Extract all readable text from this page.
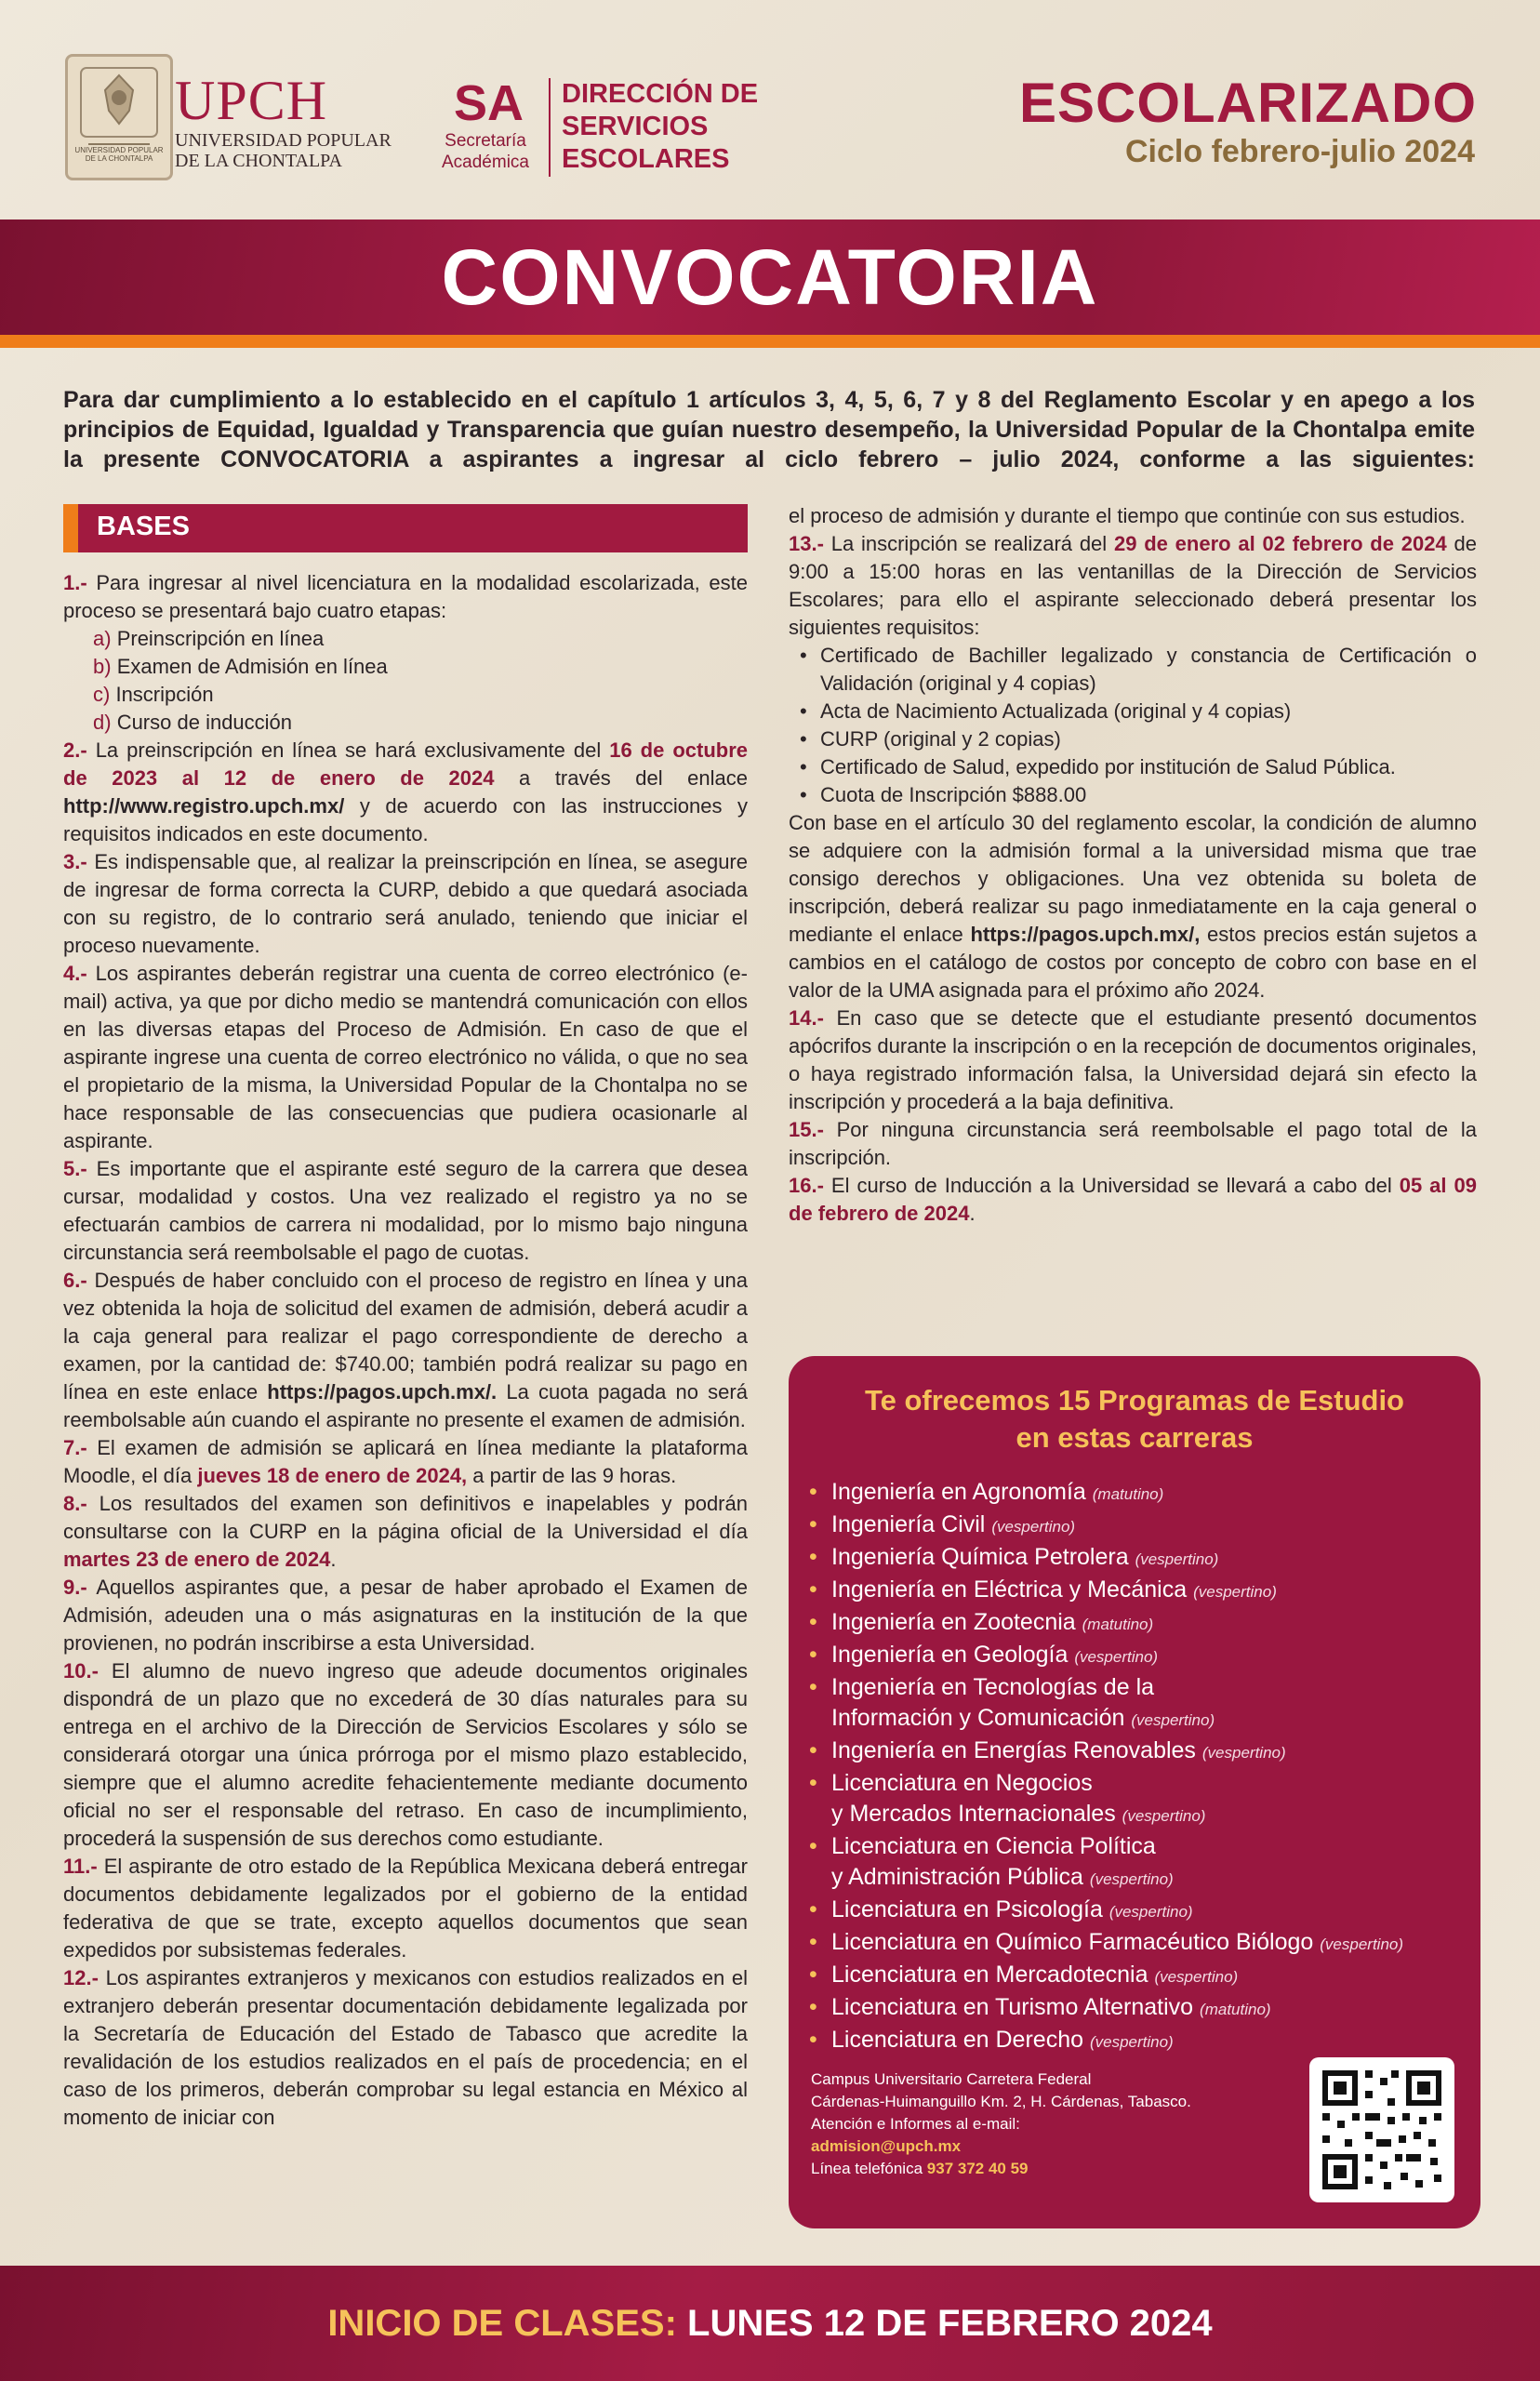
UNIVERSIDAD POPULAR DE LA CHONTALPA
UPCH
UNIVERSIDAD POPULAR DE LA CHONTALPA
SA
Secretaría Académica
DIRECCIÓN DE SERVICIOS ESCOLARES
ESCOLARIZADO
Ciclo febrero-julio 2024
CONVOCATORIA
Para dar cumplimiento a lo establecido en el capítulo 1 artículos 3, 4, 5, 6, 7 y 8 del Reglamento Escolar y en apego a los principios de Equidad, Igualdad y Transparencia que guían nuestro desempeño, la Universidad Popular de la Chontalpa emite la presente CONVOCATORIA a aspirantes a ingresar al ciclo febrero – julio 2024, conforme a las siguientes:
BASES

1.- Para ingresar al nivel licenciatura en la modalidad escolarizada, este proceso se presentará bajo cuatro etapas:

a) Preinscripción en línea

b) Examen de Admisión en línea

c) Inscripción

d) Curso de inducción

2.- La preinscripción en línea se hará exclusivamente del 16 de octubre de 2023 al 12 de enero de 2024 a través del enlace http://www.registro.upch.mx/ y de acuerdo con las instrucciones y requisitos indicados en este documento.

3.- Es indispensable que, al realizar la preinscripción en línea, se asegure de ingresar de forma correcta la CURP, debido a que quedará asociada con su registro, de lo contrario será anulado, teniendo que iniciar el proceso nuevamente.

4.- Los aspirantes deberán registrar una cuenta de correo electrónico (e-mail) activa, ya que por dicho medio se mantendrá comunicación con ellos en las diversas etapas del Proceso de Admisión. En caso de que el aspirante ingrese una cuenta de correo electrónico no válida, o que no sea el propietario de la misma, la Universidad Popular de la Chontalpa no se hace responsable de las consecuencias que pudiera ocasionarle al aspirante.

5.- Es importante que el aspirante esté seguro de la carrera que desea cursar, modalidad y costos. Una vez realizado el registro ya no se efectuarán cambios de carrera ni modalidad, por lo mismo bajo ninguna circunstancia será reembolsable el pago de cuotas.

6.- Después de haber concluido con el proceso de registro en línea y una vez obtenida la hoja de solicitud del examen de admisión, deberá acudir a la caja general para realizar el pago correspondiente de derecho a examen, por la cantidad de: $740.00; también podrá realizar su pago en línea en este enlace https://pagos.upch.mx/. La cuota pagada no será reembolsable aún cuando el aspirante no presente el examen de admisión.

7.- El examen de admisión se aplicará en línea mediante la plataforma Moodle, el día jueves 18 de enero de 2024, a partir de las 9 horas.

8.- Los resultados del examen son definitivos e inapelables y podrán consultarse con la CURP en la página oficial de la Universidad el día martes 23 de enero de 2024.

9.- Aquellos aspirantes que, a pesar de haber aprobado el Examen de Admisión, adeuden una o más asignaturas en la institución de la que provienen, no podrán inscribirse a esta Universidad.

10.- El alumno de nuevo ingreso que adeude documentos originales dispondrá de un plazo que no excederá de 30 días naturales para su entrega en el archivo de la Dirección de Servicios Escolares y sólo se considerará otorgar una única prórroga por el mismo plazo establecido, siempre que el alumno acredite fehacientemente mediante documento oficial no ser el responsable del retraso. En caso de incumplimiento, procederá la suspensión de sus derechos como estudiante.

11.- El aspirante de otro estado de la República Mexicana deberá entregar documentos debidamente legalizados por el gobierno de la entidad federativa de que se trate, excepto aquellos documentos que sean expedidos por subsistemas federales.

12.- Los aspirantes extranjeros y mexicanos con estudios realizados en el extranjero deberán presentar documentación debidamente legalizada por la Secretaría de Educación del Estado de Tabasco que acredite la revalidación de los estudios realizados en el país de procedencia; en el caso de los primeros, deberán comprobar su legal estancia en México al momento de iniciar con

el proceso de admisión y durante el tiempo que continúe con sus estudios.

13.- La inscripción se realizará del 29 de enero al 02 febrero de 2024 de 9:00 a 15:00 horas en las ventanillas de la Dirección de Servicios Escolares; para ello el aspirante seleccionado deberá presentar los siguientes requisitos:

• Certificado de Bachiller legalizado y constancia de Certificación o Validación (original y 4 copias)
• Acta de Nacimiento Actualizada (original y 4 copias)
• CURP (original y 2 copias)
• Certificado de Salud, expedido por institución de Salud Pública.
• Cuota de Inscripción $888.00

Con base en el artículo 30 del reglamento escolar, la condición de alumno se adquiere con la admisión formal a la universidad misma que trae consigo derechos y obligaciones. Una vez obtenida su boleta de inscripción, deberá realizar su pago inmediatamente en la caja general o mediante el enlace https://pagos.upch.mx/, estos precios están sujetos a cambios en el catálogo de costos por concepto de cobro con base en el valor de la UMA asignada para el próximo año 2024.

14.- En caso que se detecte que el estudiante presentó documentos apócrifos durante la inscripción o en la recepción de documentos originales, o haya registrado información falsa, la Universidad dejará sin efecto la inscripción y procederá a la baja definitiva.

15.- Por ninguna circunstancia será reembolsable el pago total de la inscripción.

16.- El curso de Inducción a la Universidad se llevará a cabo del 05 al 09 de febrero de 2024.

Te ofrecemos 15 Programas de Estudio
en estas carreras
• Ingeniería en Agronomía (matutino)
• Ingeniería Civil (vespertino)
• Ingeniería Química Petrolera (vespertino)
• Ingeniería en Eléctrica y Mecánica (vespertino)
• Ingeniería en Zootecnia (matutino)
• Ingeniería en Geología (vespertino)
• Ingeniería en Tecnologías de la
Información y Comunicación (vespertino)
• Ingeniería en Energías Renovables (vespertino)
• Licenciatura en Negocios
y Mercados Internacionales (vespertino)
• Licenciatura en Ciencia Política
y Administración Pública (vespertino)
• Licenciatura en Psicología (vespertino)
• Licenciatura en Químico Farmacéutico Biólogo (vespertino)
• Licenciatura en Mercadotecnia (vespertino)
• Licenciatura en Turismo Alternativo (matutino)
• Licenciatura en Derecho (vespertino)
Campus Universitario Carretera Federal
Cárdenas-Huimanguillo Km. 2, H. Cárdenas, Tabasco.
Atención e Informes al e-mail:
admision@upch.mx
Línea telefónica 937 372 40 59
INICIO DE CLASES: LUNES 12 DE FEBRERO 2024
